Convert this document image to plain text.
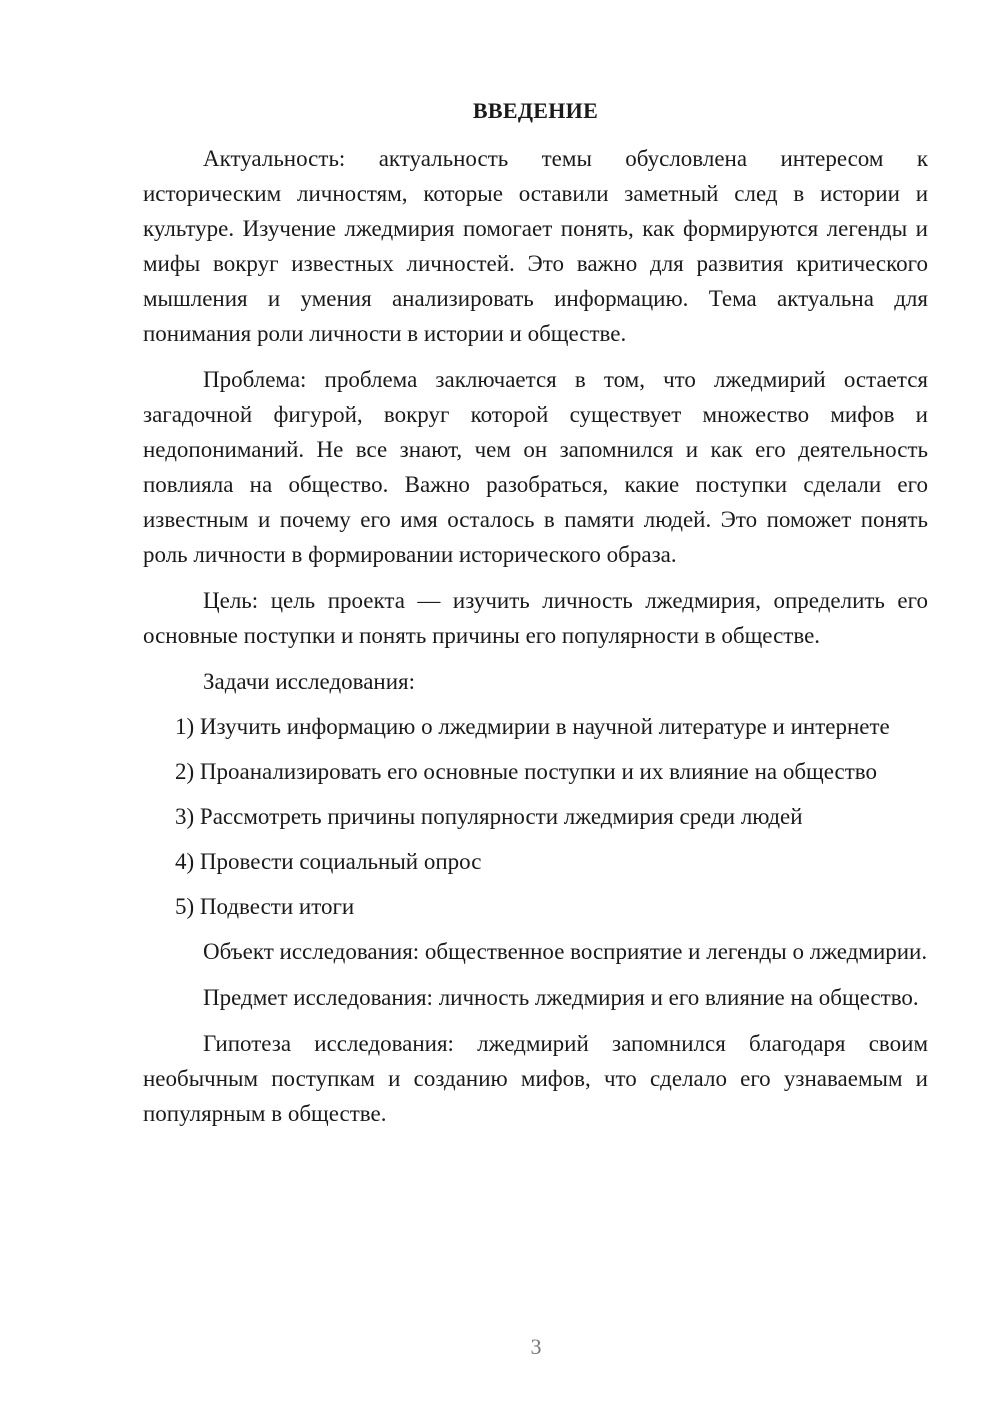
ВВЕДЕНИЕ

Актуальность: актуальность темы обусловлена интересом к историческим личностям, которые оставили заметный след в истории и культуре. Изучение лжедмирия помогает понять, как формируются легенды и мифы вокруг известных личностей. Это важно для развития критического мышления и умения анализировать информацию. Тема актуальна для понимания роли личности в истории и обществе.

Проблема: проблема заключается в том, что лжедмирий остается загадочной фигурой, вокруг которой существует множество мифов и недопониманий. Не все знают, чем он запомнился и как его деятельность повлияла на общество. Важно разобраться, какие поступки сделали его известным и почему его имя осталось в памяти людей. Это поможет понять роль личности в формировании исторического образа.

Цель: цель проекта — изучить личность лжедмирия, определить его основные поступки и понять причины его популярности в обществе.

Задачи исследования:

1) Изучить информацию о лжедмирии в научной литературе и интернете

2) Проанализировать его основные поступки и их влияние на общество

3) Рассмотреть причины популярности лжедмирия среди людей

4) Провести социальный опрос

5) Подвести итоги

Объект исследования: общественное восприятие и легенды о лжедмирии.

Предмет исследования: личность лжедмирия и его влияние на общество.

Гипотеза исследования: лжедмирий запомнился благодаря своим необычным поступкам и созданию мифов, что сделало его узнаваемым и популярным в обществе.

3
